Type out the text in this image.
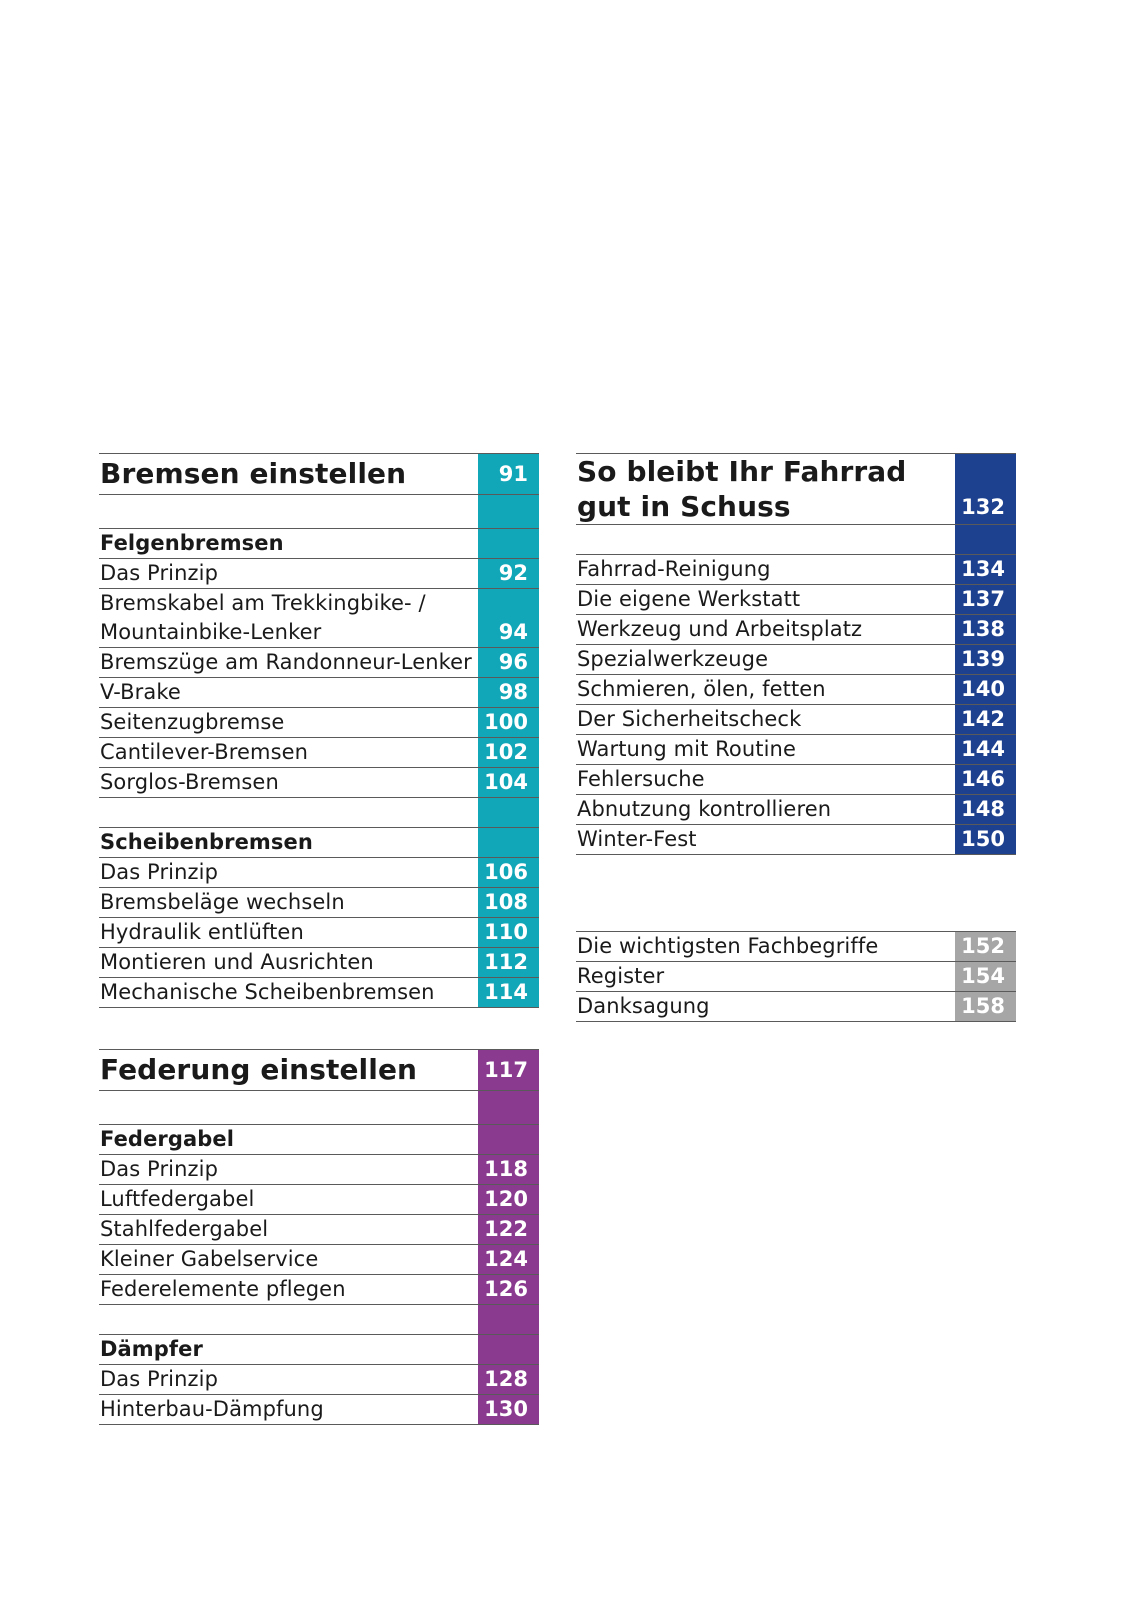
Bremsen einstellen	91
Felgenbremsen
Das Prinzip	92
Bremskabel am Trekkingbike- /
Mountainbike-Lenker	94
Bremszüge am Randonneur-Lenker	96
V-Brake	98
Seitenzugbremse	100
Cantilever-Bremsen	102
Sorglos-Bremsen	104
Scheibenbremsen
Das Prinzip	106
Bremsbeläge wechseln	108
Hydraulik entlüften	110
Montieren und Ausrichten	112
Mechanische Scheibenbremsen	114
Federung einstellen	117
Federgabel
Das Prinzip	118
Luftfedergabel	120
Stahlfedergabel	122
Kleiner Gabelservice	124
Federelemente pflegen	126
Dämpfer
Das Prinzip	128
Hinterbau-Dämpfung	130
So bleibt Ihr Fahrrad
gut in Schuss	132
Fahrrad-Reinigung	134
Die eigene Werkstatt	137
Werkzeug und Arbeitsplatz	138
Spezialwerkzeuge	139
Schmieren, ölen, fetten	140
Der Sicherheitscheck	142
Wartung mit Routine	144
Fehlersuche	146
Abnutzung kontrollieren	148
Winter-Fest	150
Die wichtigsten Fachbegriffe	152
Register	154
Danksagung	158
